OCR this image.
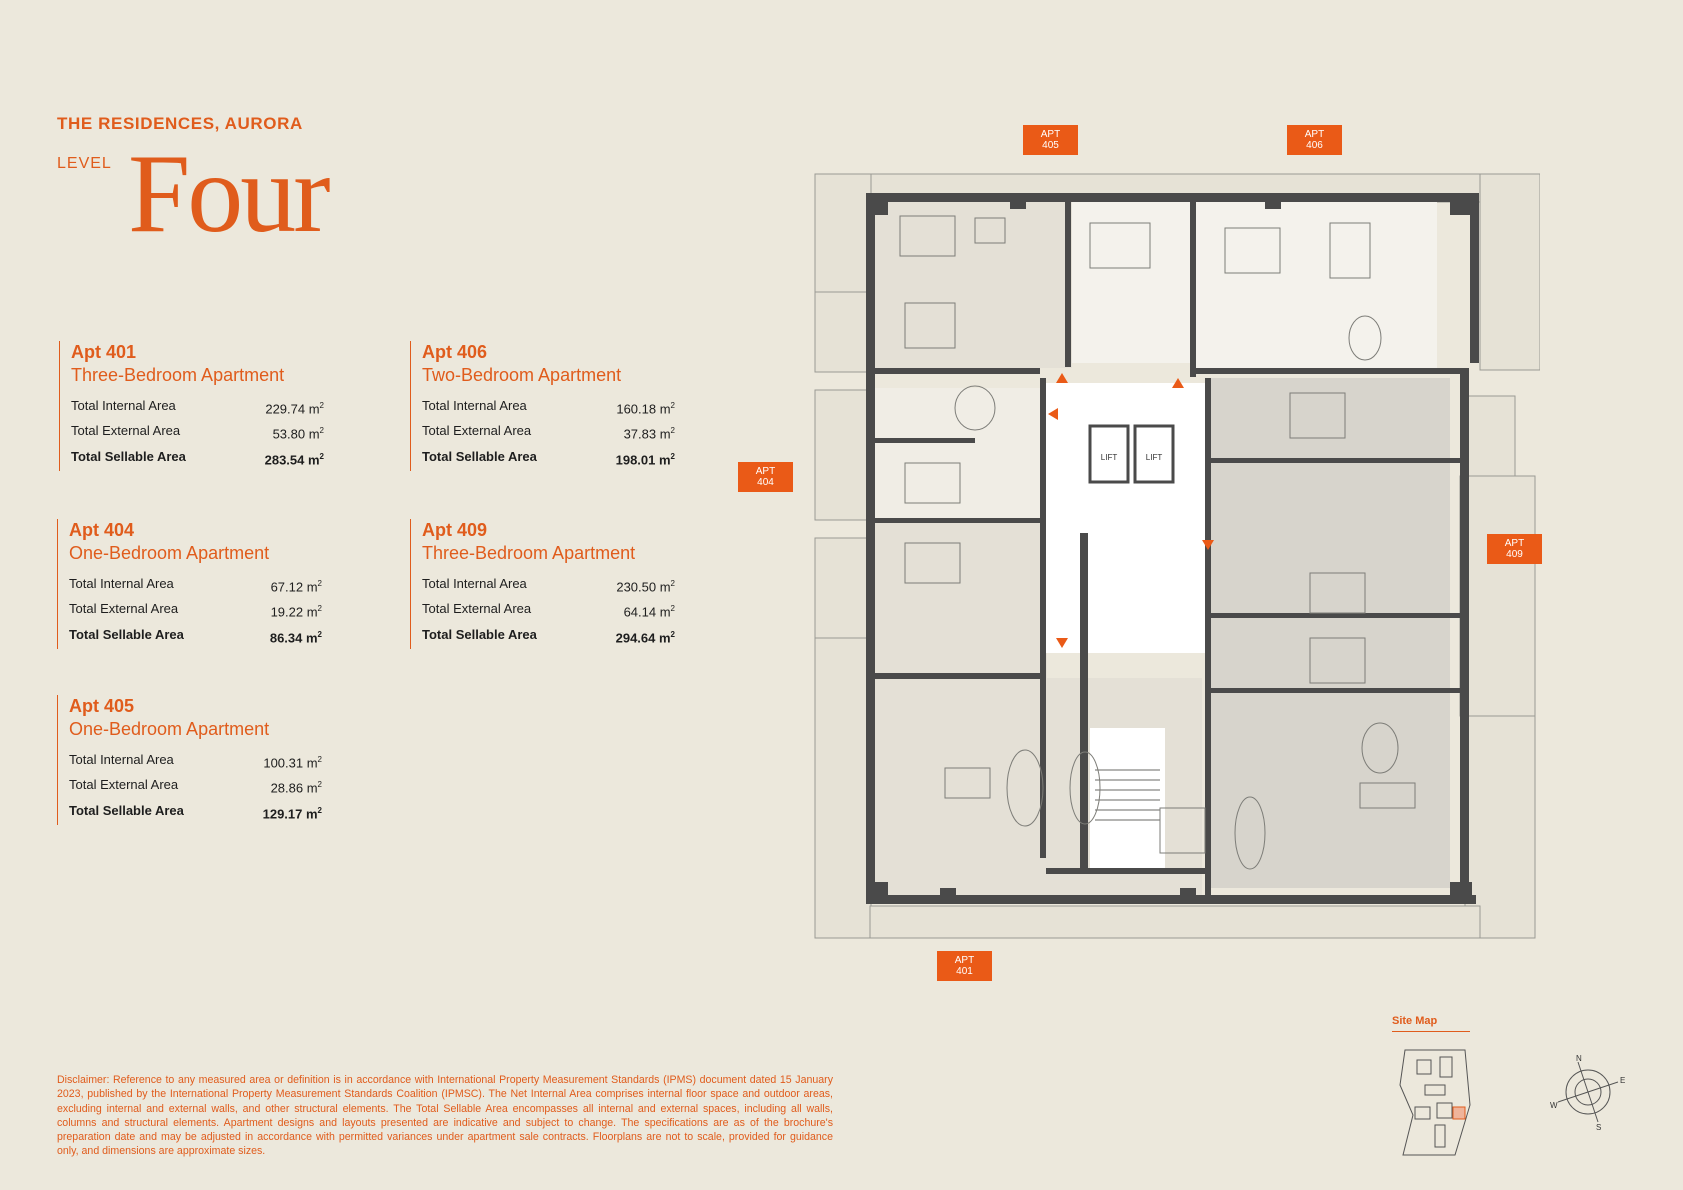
THE RESIDENCES, AURORA
LEVEL Four
Apt 401
Three-Bedroom Apartment
Total Internal Area	229.74 $m^2$
Total External Area	53.80 $m^2$
Total Sellable Area	283.54 $m^2$
Apt 406
Two-Bedroom Apartment
Total Internal Area	160.18 $m^2$
Total External Area	37.83 $m^2$
Total Sellable Area	198.01 $m^2$
Apt 404
One-Bedroom Apartment
Total Internal Area	67.12 $m^2$
Total External Area	19.22 $m^2$
Total Sellable Area	86.34 $m^2$
Apt 409
Three-Bedroom Apartment
Total Internal Area	230.50 $m^2$
Total External Area	64.14 $m^2$
Total Sellable Area	294.64 $m^2$
Apt 405
One-Bedroom Apartment
Total Internal Area	100.31 $m^2$
Total External Area	28.86 $m^2$
Total Sellable Area	129.17 $m^2$
LIFT	LIFT
APT
405
APT
406
APT
404
APT
409
APT
401
Site Map
N
E
S
W
Disclaimer: Reference to any measured area or definition is in accordance with International Property Measurement Standards (IPMS) document dated 15 January 2023, published by the International Property Measurement Standards Coalition (IPMSC). The Net Internal Area comprises internal floor space and outdoor areas, excluding internal and external walls, and other structural elements. The Total Sellable Area encompasses all internal and external spaces, including all walls, columns and structural elements. Apartment designs and layouts presented are indicative and subject to change. The specifications are as of the brochure's preparation date and may be adjusted in accordance with permitted variances under apartment sale contracts. Floorplans are not to scale, provided for guidance only, and dimensions are approximate sizes.
